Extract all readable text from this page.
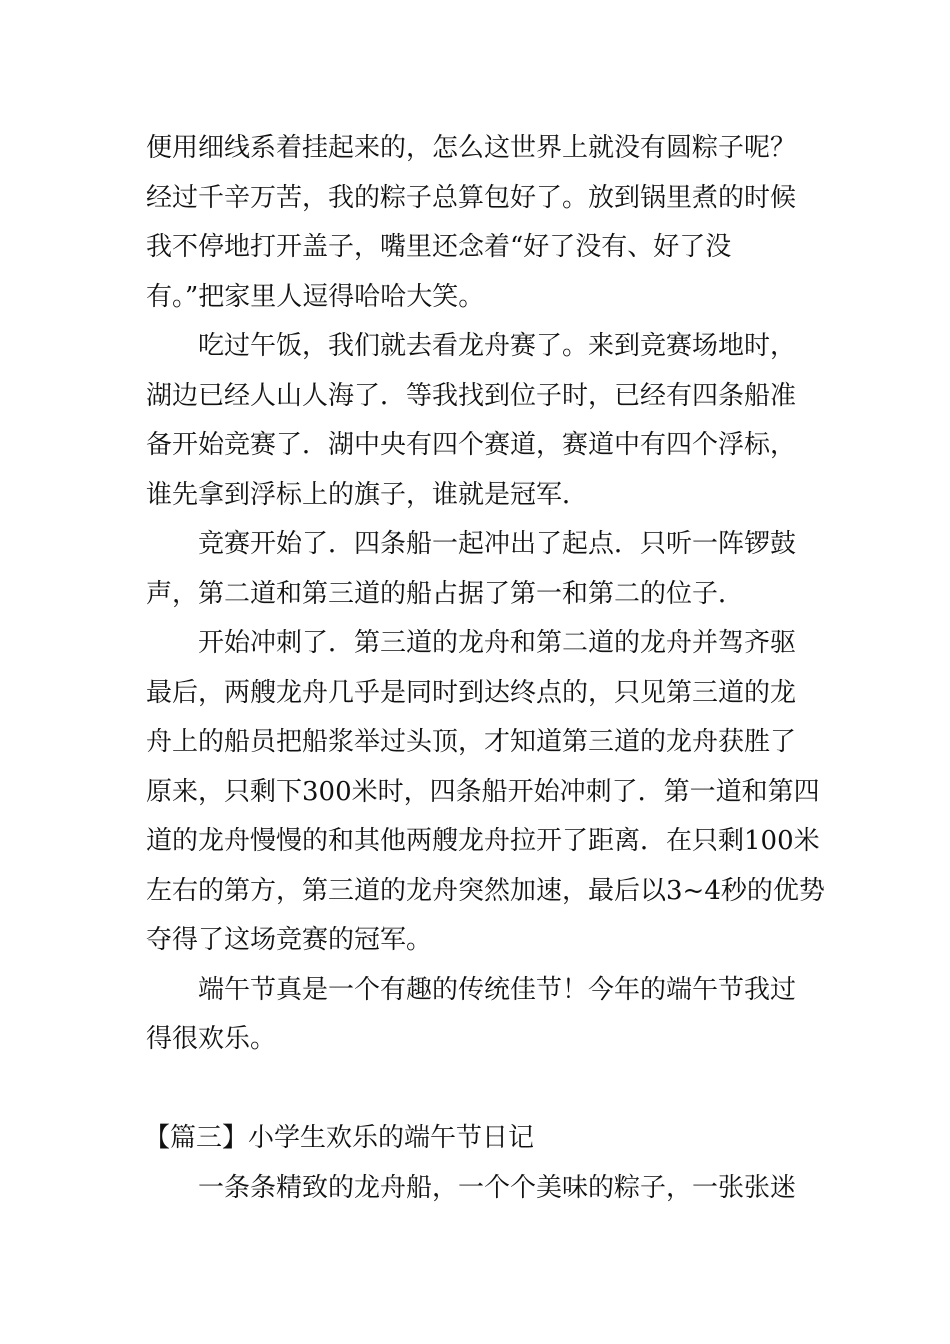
便用细线系着挂起来的，怎么这世界上就没有圆粽子呢？
经过千辛万苦，我的粽子总算包好了。放到锅里煮的时候
我不停地打开盖子，嘴里还念着“好了没有、好了没
有。”把家里人逗得哈哈大笑。
吃过午饭，我们就去看龙舟赛了。来到竞赛场地时，
湖边已经人山人海了．等我找到位子时，已经有四条船准
备开始竞赛了．湖中央有四个赛道，赛道中有四个浮标，
谁先拿到浮标上的旗子，谁就是冠军．
竞赛开始了．四条船一起冲出了起点．只听一阵锣鼓
声，第二道和第三道的船占据了第一和第二的位子．
开始冲刺了．第三道的龙舟和第二道的龙舟并驾齐驱
最后，两艘龙舟几乎是同时到达终点的，只见第三道的龙
舟上的船员把船浆举过头顶，才知道第三道的龙舟获胜了
原来，只剩下300米时，四条船开始冲刺了．第一道和第四
道的龙舟慢慢的和其他两艘龙舟拉开了距离．在只剩100米
左右的第方，第三道的龙舟突然加速，最后以3~4秒的优势
夺得了这场竞赛的冠军。
端午节真是一个有趣的传统佳节！今年的端午节我过
得很欢乐。
【篇三】小学生欢乐的端午节日记
一条条精致的龙舟船，一个个美味的粽子，一张张迷
